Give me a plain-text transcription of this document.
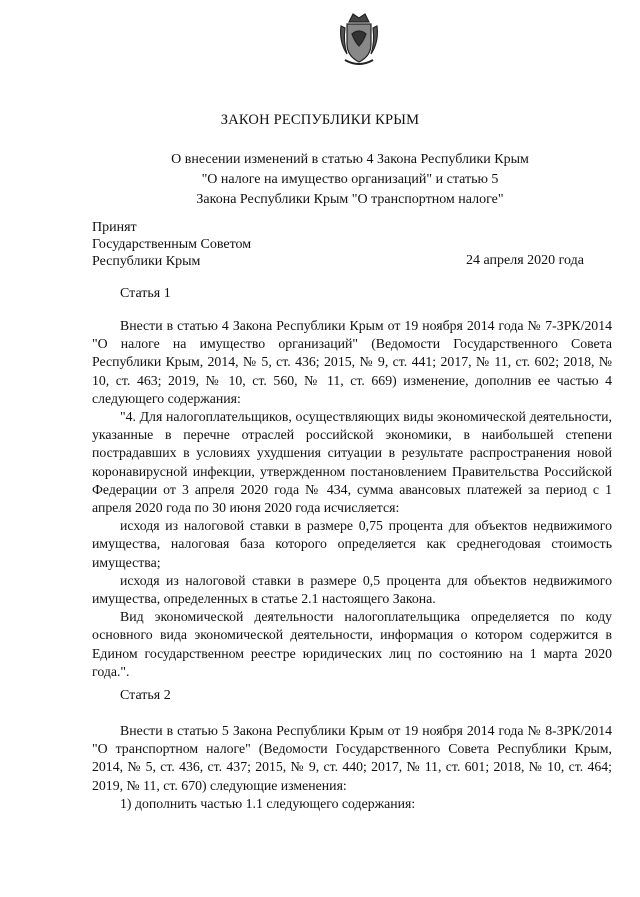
ЗАКОН РЕСПУБЛИКИ КРЫМ
О внесении изменений в статью 4 Закона Республики Крым
"О налоге на имущество организаций" и статью 5
Закона Республики Крым "О транспортном налоге"
Принят
Государственным Советом
Республики Крым	24 апреля 2020 года
Статья 1

Внести в статью 4 Закона Республики Крым от 19 ноября 2014 года № 7-ЗРК/2014 "О налоге на имущество организаций" (Ведомости Государственного Совета Республики Крым, 2014, № 5, ст. 436; 2015, № 9, ст. 441; 2017, № 11, ст. 602; 2018, № 10, ст. 463; 2019, № 10, ст. 560, № 11, ст. 669) изменение, дополнив ее частью 4 следующего содержания:

"4. Для налогоплательщиков, осуществляющих виды экономической деятельности, указанные в перечне отраслей российской экономики, в наибольшей степени пострадавших в условиях ухудшения ситуации в результате распространения новой коронавирусной инфекции, утвержденном постановлением Правительства Российской Федерации от 3 апреля 2020 года № 434, сумма авансовых платежей за период с 1 апреля 2020 года по 30 июня 2020 года исчисляется:

исходя из налоговой ставки в размере 0,75 процента для объектов недвижимого имущества, налоговая база которого определяется как среднегодовая стоимость имущества;

исходя из налоговой ставки в размере 0,5 процента для объектов недвижимого имущества, определенных в статье 2.1 настоящего Закона.

Вид экономической деятельности налогоплательщика определяется по коду основного вида экономической деятельности, информация о котором содержится в Едином государственном реестре юридических лиц по состоянию на 1 марта 2020 года.".

Статья 2

Внести в статью 5 Закона Республики Крым от 19 ноября 2014 года № 8-ЗРК/2014 "О транспортном налоге" (Ведомости Государственного Совета Республики Крым, 2014, № 5, ст. 436, ст. 437; 2015, № 9, ст. 440; 2017, № 11, ст. 601; 2018, № 10, ст. 464; 2019, № 11, ст. 670) следующие изменения:

1) дополнить частью 1.1 следующего содержания:
